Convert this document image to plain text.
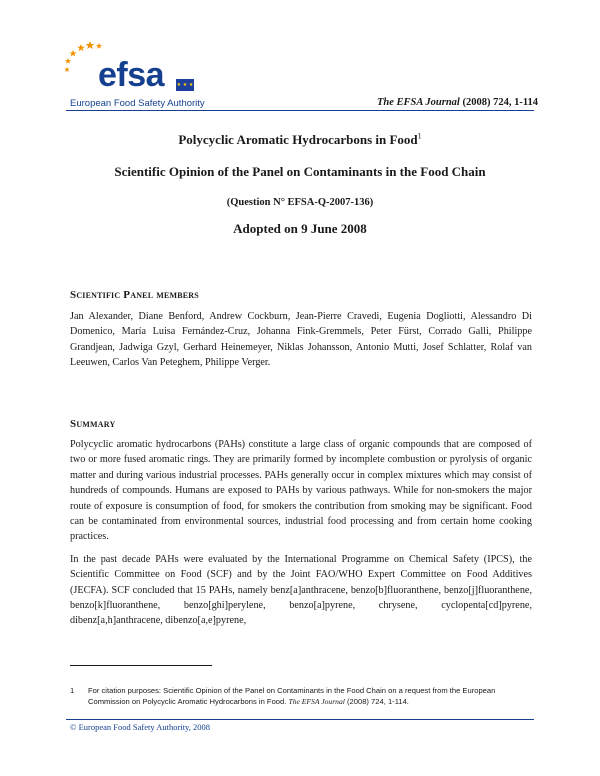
efsa	★ ★ ★
European Food Safety Authority	The EFSA Journal (2008) 724, 1-114

Polycyclic Aromatic Hydrocarbons in Food$^1$

Scientific Opinion of the Panel on Contaminants in the Food Chain

(Question N° EFSA-Q-2007-136)

Adopted on 9 June 2008

Scientific Panel members

Jan Alexander, Diane Benford, Andrew Cockburn, Jean-Pierre Cravedi, Eugenia Dogliotti, Alessandro Di Domenico, María Luisa Fernández-Cruz, Johanna Fink-Gremmels, Peter Fürst, Corrado Galli, Philippe Grandjean, Jadwiga Gzyl, Gerhard Heinemeyer, Niklas Johansson, Antonio Mutti, Josef Schlatter, Rolaf van Leeuwen, Carlos Van Peteghem, Philippe Verger.

Summary

Polycyclic aromatic hydrocarbons (PAHs) constitute a large class of organic compounds that are composed of two or more fused aromatic rings. They are primarily formed by incomplete combustion or pyrolysis of organic matter and during various industrial processes. PAHs generally occur in complex mixtures which may consist of hundreds of compounds. Humans are exposed to PAHs by various pathways. While for non-smokers the major route of exposure is consumption of food, for smokers the contribution from smoking may be significant. Food can be contaminated from environmental sources, industrial food processing and from certain home cooking practices.

In the past decade PAHs were evaluated by the International Programme on Chemical Safety (IPCS), the Scientific Committee on Food (SCF) and by the Joint FAO/WHO Expert Committee on Food Additives (JECFA). SCF concluded that 15 PAHs, namely benz[a]anthracene, benzo[b]fluoranthene, benzo[j]fluoranthene, benzo[k]fluoranthene, benzo[ghi]perylene, benzo[a]pyrene, chrysene, cyclopenta[cd]pyrene, dibenz[a,h]anthracene, dibenzo[a,e]pyrene,

1 For citation purposes: Scientific Opinion of the Panel on Contaminants in the Food Chain on a request from the European Commission on Polycyclic Aromatic Hydrocarbons in Food. The EFSA Journal (2008) 724, 1-114.
© European Food Safety Authority, 2008
